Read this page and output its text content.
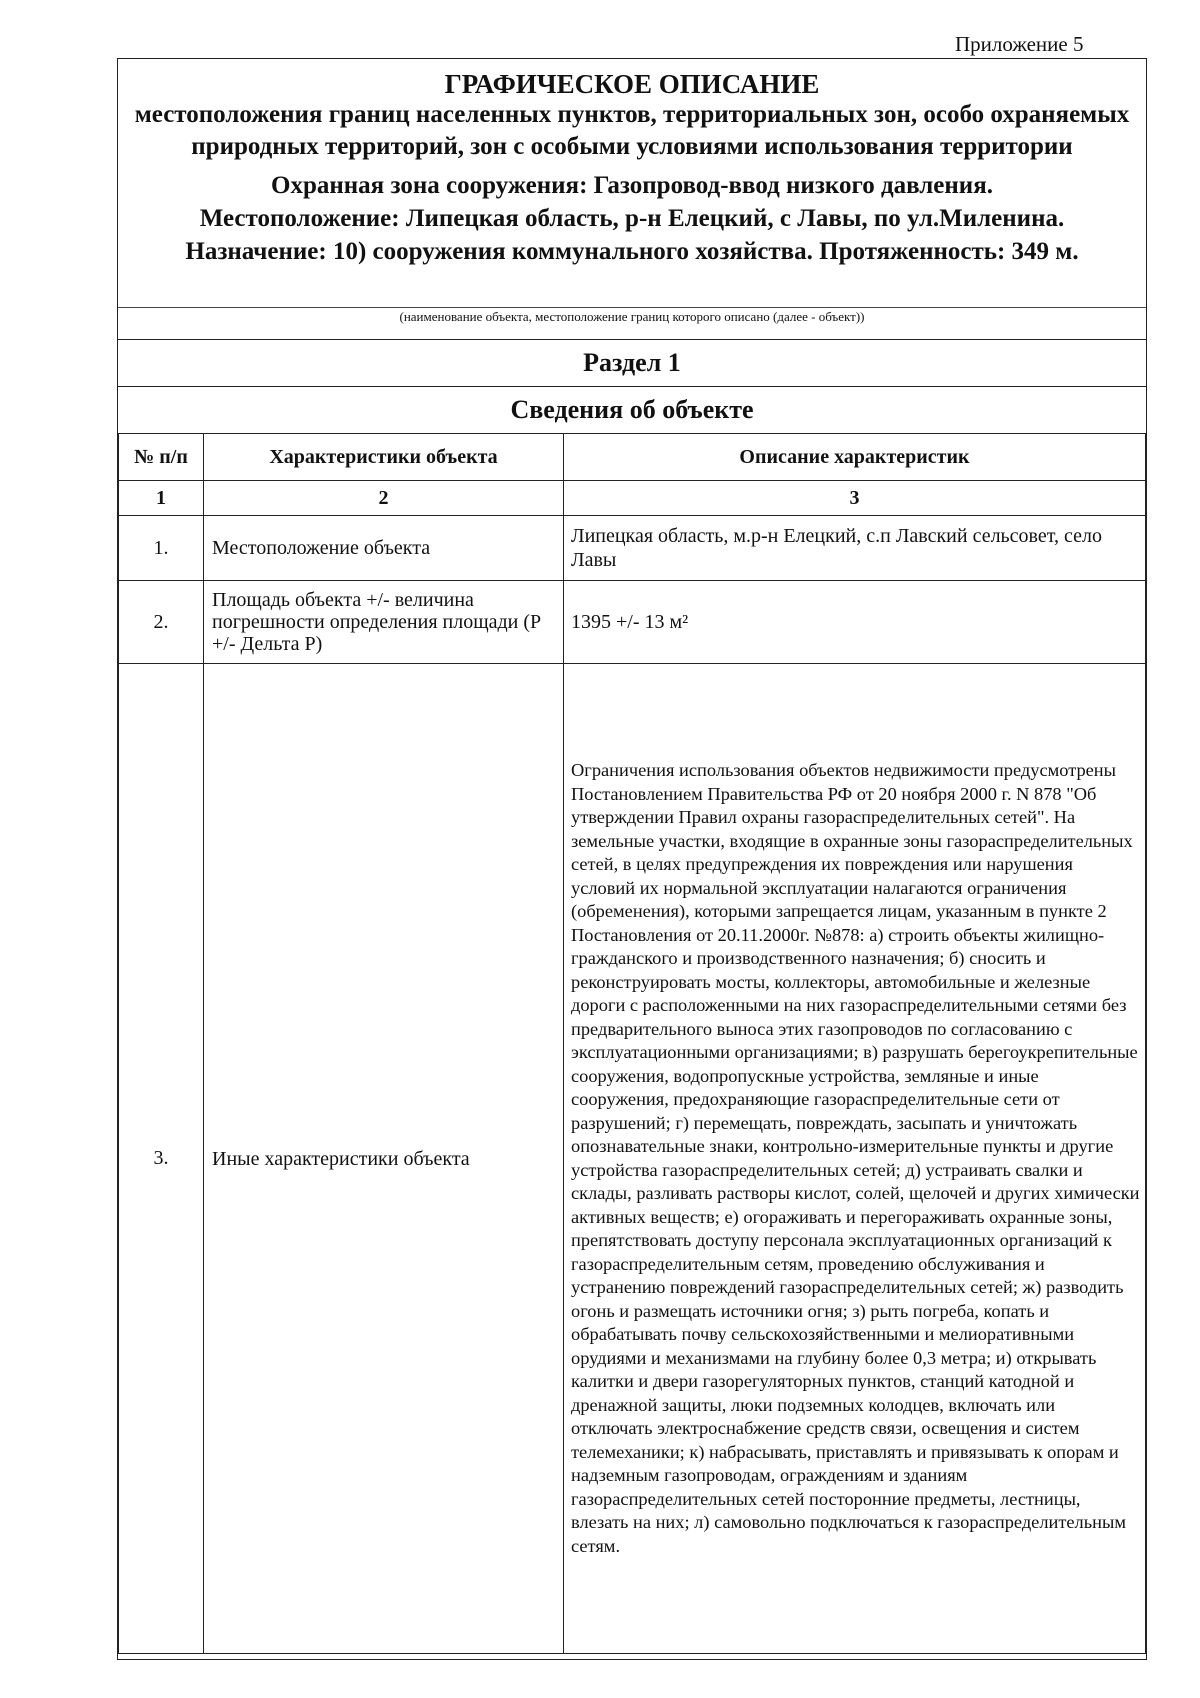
Приложение 5
ГРАФИЧЕСКОЕ ОПИСАНИЕ
местоположения границ населенных пунктов, территориальных зон, особо охраняемых природных территорий, зон с особыми условиями использования территории
Охранная зона сооружения: Газопровод-ввод низкого давления.
Местоположение: Липецкая область, р-н Елецкий, с Лавы, по ул.Миленина.
Назначение: 10) сооружения коммунального хозяйства. Протяженность: 349 м.
(наименование объекта, местоположение границ которого описано (далее - объект))
Раздел 1
Сведения об объекте
№ п/п	Характеристики объекта	Описание характеристик
1	2	3
1.	Местоположение объекта	Липецкая область, м.р-н Елецкий, с.п Лавский сельсовет, село Лавы
2.	Площадь объекта +/- величина погрешности определения площади (P +/- Дельта P)	1395 +/- 13 м²
3.	Иные характеристики объекта	Ограничения использования объектов недвижимости предусмотрены Постановлением Правительства РФ от 20 ноября 2000 г. N 878 "Об утверждении Правил охраны газораспределительных сетей". На земельные участки, входящие в охранные зоны газораспределительных сетей, в целях предупреждения их повреждения или нарушения условий их нормальной эксплуатации налагаются ограничения (обременения), которыми запрещается лицам, указанным в пункте 2 Постановления от 20.11.2000г. №878: а) строить объекты жилищно-гражданского и производственного назначения; б) сносить и реконструировать мосты, коллекторы, автомобильные и железные дороги с расположенными на них газораспределительными сетями без предварительного выноса этих газопроводов по согласованию с эксплуатационными организациями; в) разрушать берегоукрепительные сооружения, водопропускные устройства, земляные и иные сооружения, предохраняющие газораспределительные сети от разрушений; г) перемещать, повреждать, засыпать и уничтожать опознавательные знаки, контрольно-измерительные пункты и другие устройства газораспределительных сетей; д) устраивать свалки и склады, разливать растворы кислот, солей, щелочей и других химически активных веществ; е) огораживать и перегораживать охранные зоны, препятствовать доступу персонала эксплуатационных организаций к газораспределительным сетям, проведению обслуживания и устранению повреждений газораспределительных сетей; ж) разводить огонь и размещать источники огня; з) рыть погреба, копать и обрабатывать почву сельскохозяйственными и мелиоративными орудиями и механизмами на глубину более 0,3 метра; и) открывать калитки и двери газорегуляторных пунктов, станций катодной и дренажной защиты, люки подземных колодцев, включать или отключать электроснабжение средств связи, освещения и систем телемеханики; к) набрасывать, приставлять и привязывать к опорам и надземным газопроводам, ограждениям и зданиям газораспределительных сетей посторонние предметы, лестницы, влезать на них; л) самовольно подключаться к газораспределительным сетям.
